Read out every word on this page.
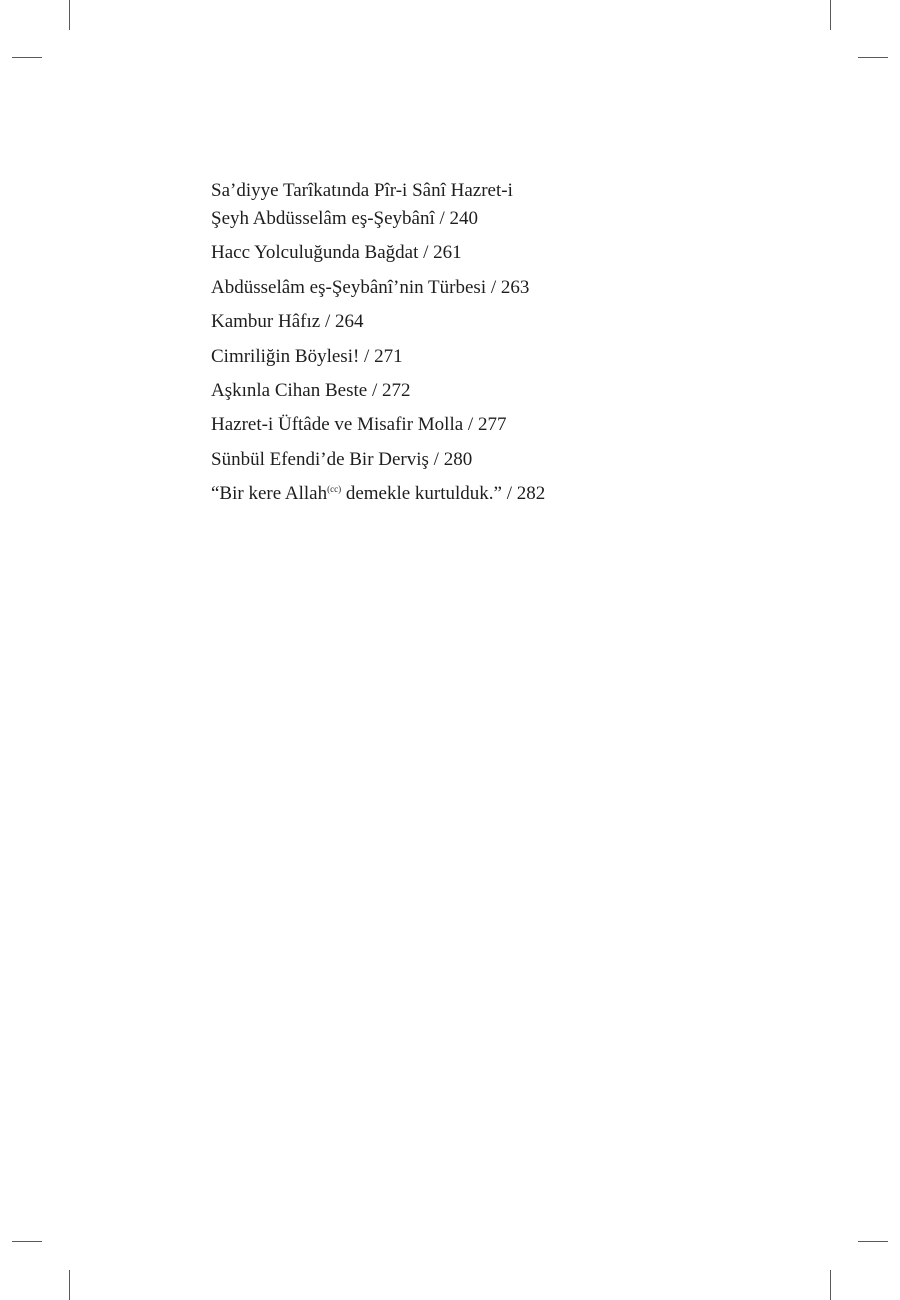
Sa’diyye Tarîkatında Pîr-i Sânî Hazret-i
Şeyh Abdüsselâm eş-Şeybânî / 240
Hacc Yolculuğunda Bağdat / 261
Abdüsselâm eş-Şeybânî’nin Türbesi / 263
Kambur Hâfız / 264
Cimriliğin Böylesi! / 271
Aşkınla Cihan Beste / 272
Hazret-i Üftâde ve Misafir Molla / 277
Sünbül Efendi’de Bir Derviş / 280
“Bir kere Allah$^{(cc)}$ demekle kurtulduk.” / 282
